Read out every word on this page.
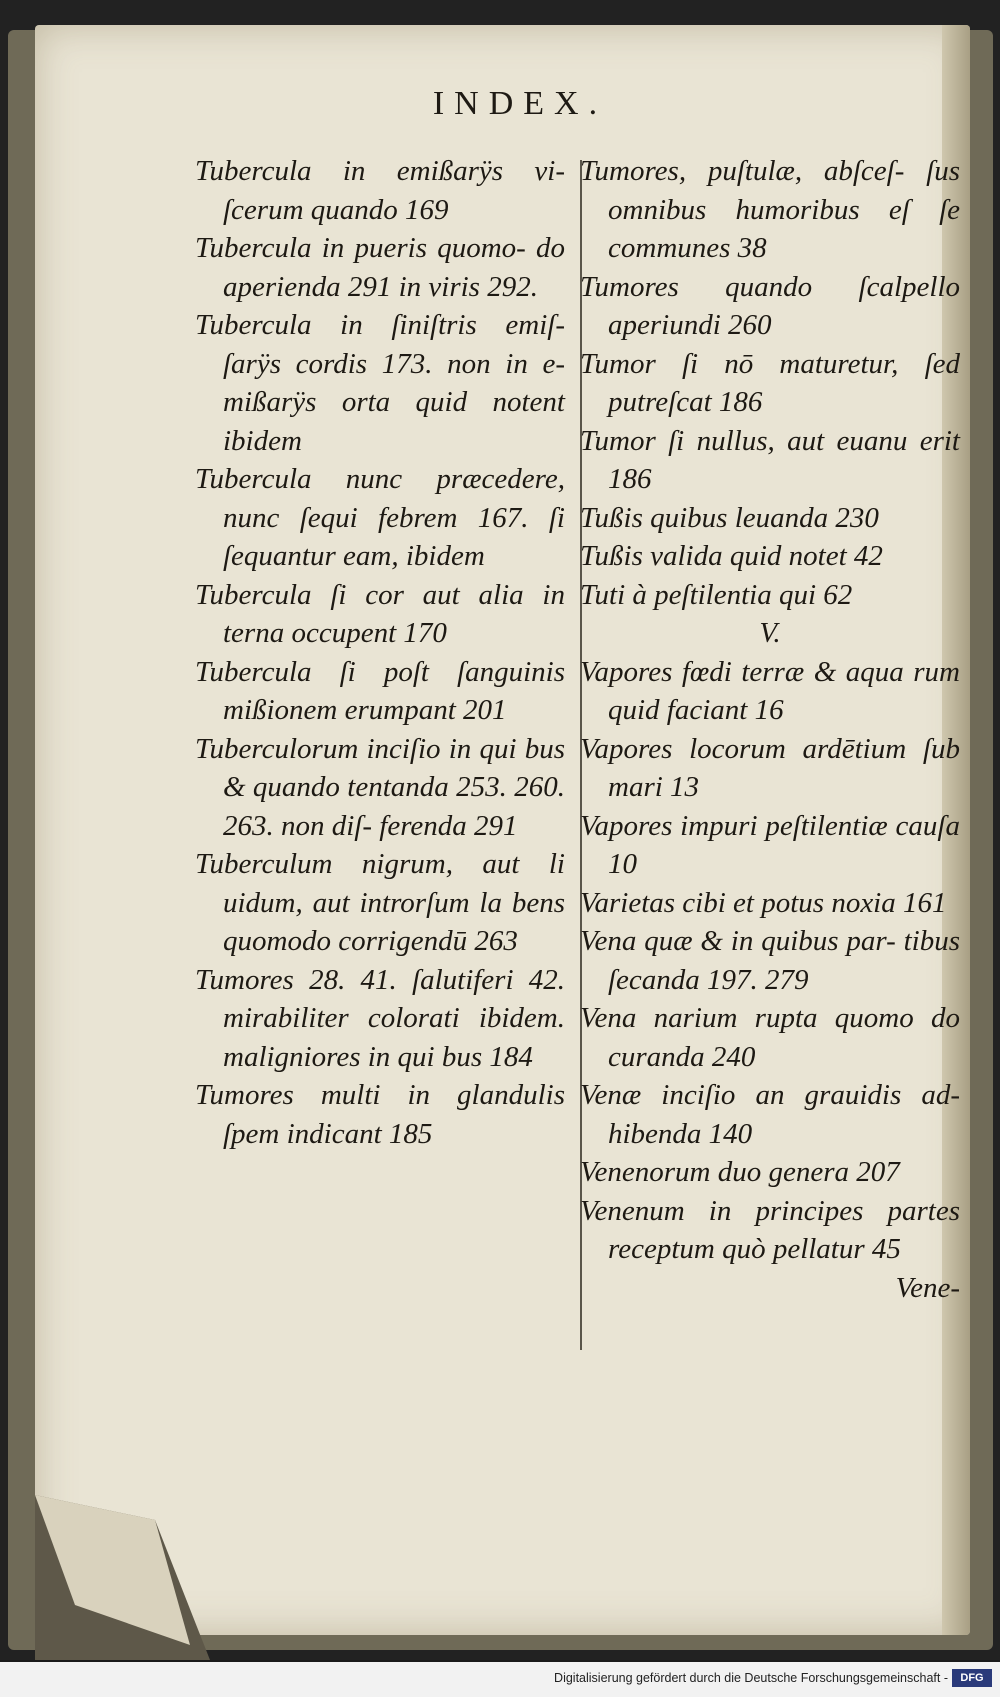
INDEX.

Tubercula in emißarÿs vi- ſcerum quando 169

Tubercula in pueris quomo- do aperienda 291 in viris 292.

Tubercula in ſiniſtris emiſ- ſarÿs cordis 173. non in e- mißarÿs orta quid notent ibidem

Tubercula nunc præcedere, nunc ſequi febrem 167. ſi ſequantur eam, ibidem

Tubercula ſi cor aut alia in terna occupent 170

Tubercula ſi poſt ſanguinis mißionem erumpant 201

Tuberculorum inciſio in qui bus & quando tentanda 253. 260. 263. non diſ- ferenda 291

Tuberculum nigrum, aut li uidum, aut introrſum la bens quomodo corrigendū 263

Tumores 28. 41. ſalutiferi 42. mirabiliter colorati ibidem. maligniores in qui bus 184

Tumores multi in glandulis ſpem indicant 185

Tumores, puſtulæ, abſceſ- ſus omnibus humoribus eſ ſe communes 38

Tumores quando ſcalpello aperiundi 260

Tumor ſi nō maturetur, ſed putreſcat 186

Tumor ſi nullus, aut euanu erit 186

Tußis quibus leuanda 230

Tußis valida quid notet 42

Tuti à peſtilentia qui 62

V.

Vapores fœdi terræ & aqua rum quid faciant 16

Vapores locorum ardētium ſub mari 13

Vapores impuri peſtilentiæ cauſa 10

Varietas cibi et potus noxia 161

Vena quæ & in quibus par- tibus ſecanda 197. 279

Vena narium rupta quomo do curanda 240

Venæ inciſio an grauidis ad- hibenda 140

Venenorum duo genera 207

Venenum in principes partes receptum quò pellatur 45

Vene-

Digitalisierung gefördert durch die Deutsche Forschungsgemeinschaft -	DFG
